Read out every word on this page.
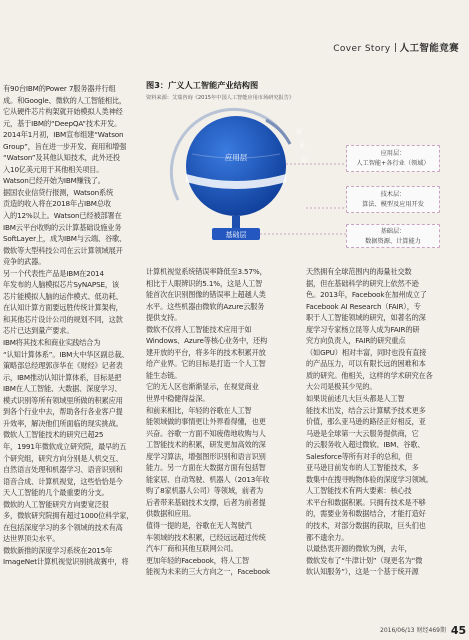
Cover Story 人工智能竞赛
有90台IBM的Power 7服务器并行组
成。和Google、微软的人工智能相比，
它从硬件芯片构架就开始模拟人类神经
元，基于IBM的“DeepQA”技术开发。
2014年1月初，IBM宣布组建“Watson
Group”，旨在进一步开发、商用和增强
“Watson”及其他认知技术，此外还投
入10亿美元用于其他相关项目。
Watson已经开始为IBM赚钱了。
据国农业信贷行报测，Watson系统
贡造的收入将在2018年占IBM总收
入的12%以上。Watson已经被部署在
IBM云平台收购的云计算基础设施业务
SoftLayer上，成为IBM与云端、谷歌、
微软等大型科技公司在云计算领域展开
竞争的武器。
另一个代表性产品是IBM在2014
年发布的人脑模拟芯片SyNAPSE，该
芯片能模拟人脑的运作模式、低功耗、
在认知计算方面要远胜传统计算架构，
和其他芯片设计公司的规划不同，这款
芯片已达到量产要求。
IBM将其技术和商业实践结合为
“认知计算体系”。IBM大中华区副总裁、
策略部总经理郭彦华在《财经》记者表
示，IBM推动认知计算体系，目标是把
IBM在人工智能、大数据、深度学习、
模式识别等所有领域里所做的积累应用
到各个行业中去，帮助各行各业客户提
升效率，解决他们所面临的现实挑战。
微软人工智能技术的研究已超25
年，1991年微软成立研究院，最早的五
个研究组，研究方向分别是人机交互、
自然语言处理和机器学习、语音识别和
语音合成、计算机视觉，这些恰恰是今
天人工智能的几个最重要的分支。
微软的人工智能研究方向要宽泛很
多，微软研究院拥有超过1000位科学家，
在包括深度学习的多个领域的技术有高
达世界顶尖水平。
微软新推的深度学习系统在2015年
ImageNet计算机视觉识别挑战赛中，将
图3：广义人工智能产业结构图
资料来源：艾瑞咨询《2015年中国人工智能应用市场研究报告》
应用层
基础层
技
术
层
应用层：
人工智能+各行业（领域）
技术层：
算法、模型及应用开发
基础层：
数据资源、计算能力
计算机视觉系统错误率降低至3.57%，
相比于人眼辨识的5.1%，这是人工智
能首次在识别图像的错误率上超越人类
水平。这些机器由微软的Azure云服务
提供支持。
微软不仅将人工智能技术应用于如
Windows、Azure等核心业务中，还构
建开放的平台，将多年的技术积累开放
给产业界。它的目标是打造一个人工智
能生态链。
它的无人区也渐渐显示，在视觉商业
世界中稳健得益深。
和前来相比，年轻的谷歌在人工智
能领域做的事情更让外界看得懂，也更
兴奋。谷歌一方面不知疲倦地收购与人
工智能技术的积累，研发更加高效的深
度学习算法，增强图形识别和语言识别
能力。另一方面在大数据方面有包括智
能家居、自动驾驶、机器人（2013年收
购了8家机器人公司）等领域，前者为
后者带来基础技术支撑，后者为前者提
供数据和应用。
值得一提的是，谷歌在无人驾驶汽
车领域的技术积累，已经远远超过传统
汽车厂商和其他互联网公司。
更加年轻的Facebook，将人工智
能视为未来的三大方向之一，Facebook
天然拥有全球范围内的海量社交数
据，但在基础科学的研究上依然不逊
色。2013年，Facebook在加州成立了
Facebook AI Research（FAIR），专
职于人工智能领域的研究，如著名的深
度学习专家杨立昆等人成为FAIR的研
究方向负责人，FAIR的研究重点
（如GPU）相对丰富，同时也没有直接
的产品压力，可以有限长远的困难和本
质的研究。他相关，这样的学术研究在各
大公司是极其少见的。
如果说前述几大巨头都是人工智
能技术出发，结合云计算赋予技术更多
价值，那么亚马逊的路径正好相反，亚
马逊是全球第一大云服务提供商，它
的云服务收入超过微软、IBM、谷歌、
Salesforce等所有对手的总和，但
亚马逊目前发布的人工智能技术，多
数集中在搜寻购物体验的深度学习领域。
人工智能技术有两大要素：核心技
术平台和数据积累。只拥有技术是不够
的，需要业务和数据结合，才能打造好
的技术，对部分数据的获取，巨头们也
都不遗余力。
以最热衷开源的微软为例，去年，
微软发布了“牛津计划”（现更名为“微
软认知服务”），这是一个基于统开源
2016/06/13 财经469期 45
